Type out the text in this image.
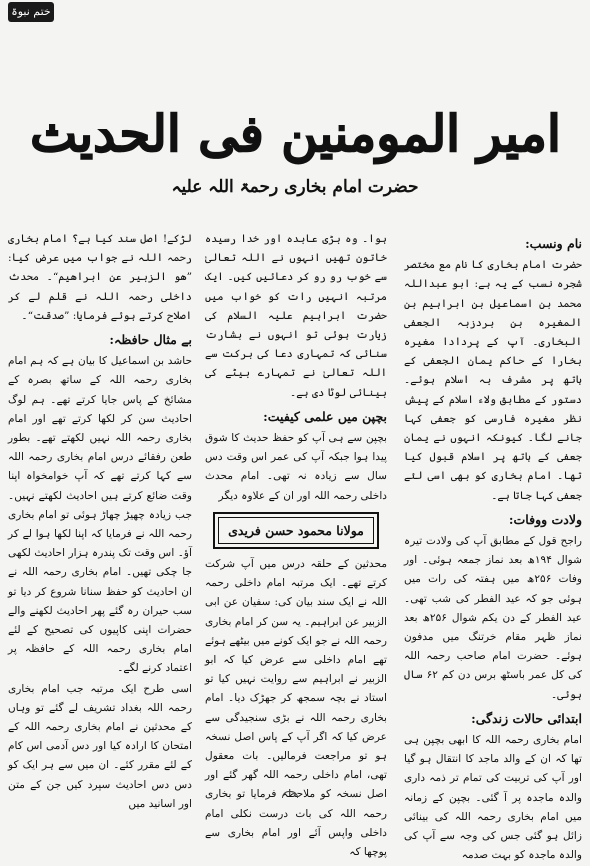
ختم نبوۃ
امیر المومنین فی الحدیث
حضرت امام بخاری رحمۃ اللہ علیہ
نام ونسب:

حضرت امام بخاری کا نام مع مختصر شجرہ نسب کے یہ ہے: ابو عبداللہ محمد بن اسماعیل بن ابراہیم بن المغیرہ بن بردزبہ الجعفی البخاری۔ آپ کے پردادا مغیرہ بخارا کے حاکم یمان الجعفی کے ہاتھ پر مشرف بہ اسلام ہوئے۔ دستور کے مطابق ولاء اسلام کے پیش نظر مغیرہ فارسی کو جعفی کہا جانے لگا۔ کیونکہ انہوں نے یمان جعفی کے ہاتھ پر اسلام قبول کیا تھا۔ امام بخاری کو بھی اسی لئے جعفی کہا جاتا ہے۔

ولادت ووفات:

راجح قول کے مطابق آپ کی ولادت تیرہ شوال ۱۹۴ھ بعد نماز جمعہ ہوئی۔ اور وفات ۲۵۶ھ میں ہفتہ کی رات میں ہوئی جو کہ عید الفطر کی شب تھی۔ عید الفطر کے دن یکم شوال ۲۵۶ھ بعد نماز ظہر مقام خرتنگ میں مدفون ہوئے۔ حضرت امام صاحب رحمہ اللہ کی کل عمر باسٹھ برس دن کم ۶۲ سال ہوئی۔

ابتدائی حالات زندگی:

امام بخاری رحمہ اللہ کا ابھی بچپن ہی تھا کہ ان کے والد ماجد کا انتقال ہو گیا اور آپ کی تربیت کی تمام تر ذمہ داری والدہ ماجدہ پر آ گئی۔ بچپن کے زمانہ میں امام بخاری رحمہ اللہ کی بینائی زائل ہو گئی جس کی وجہ سے آپ کی والدہ ماجدہ کو بہت صدمہ

ہوا۔ وہ بڑی عابدہ اور خدا رسیدہ خاتون تھیں انہوں نے اللہ تعالیٰ سے خوب رو رو کر دعائیں کیں۔ ایک مرتبہ انہیں رات کو خواب میں حضرت ابراہیم علیہ السلام کی زیارت ہوئی تو انہوں نے بشارت سنائی کہ تمہاری دعا کی برکت سے اللہ تعالیٰ نے تمہارے بیٹے کی بینائی لوٹا دی ہے۔

بچپن میں علمی کیفیت:

بچپن سے ہی آپ کو حفظ حدیث کا شوق پیدا ہوا جبکہ آپ کی عمر اس وقت دس سال سے زیادہ نہ تھی۔ امام محدث داخلی رحمہ اللہ اور ان کے علاوہ دیگر

مولانا محمود حسن فریدی

محدثین کے حلقہ درس میں آپ شرکت کرتے تھے۔ ایک مرتبہ امام داخلی رحمہ اللہ نے ایک سند بیان کی: سفیان عن ابی الزبیر عن ابراہیم۔ یہ سن کر امام بخاری رحمہ اللہ نے جو ایک کونے میں بیٹھے ہوئے تھے امام داخلی سے عرض کیا کہ ابو الزبیر نے ابراہیم سے روایت نہیں کیا تو استاد نے بچہ سمجھ کر جھڑک دیا۔ امام بخاری رحمہ اللہ نے بڑی سنجیدگی سے عرض کیا کہ اگر آپ کے پاس اصل نسخہ ہو تو مراجعت فرمالیں۔ بات معقول تھی، امام داخلی رحمہ اللہ گھر گئے اور اصل نسخہ کو ملاحظہ فرمایا تو بخاری رحمہ اللہ کی بات درست نکلی امام داخلی واپس آئے اور امام بخاری سے پوچھا کہ

لڑکے! اصل سند کیا ہے؟ امام بخاری رحمہ اللہ نے جواب میں عرض کیا: ”ھو الزبیر عن ابراھیم“۔ محدث داخلی رحمہ اللہ نے قلم لے کر اصلاح کرتے ہوئے فرمایا: ”صدقت“۔

بے مثال حافظہ:

حاشد بن اسماعیل کا بیان ہے کہ ہم امام بخاری رحمہ اللہ کے ساتھ بصرہ کے مشائخ کے پاس جایا کرتے تھے۔ ہم لوگ احادیث سن کر لکھا کرتے تھے اور امام بخاری رحمہ اللہ نہیں لکھتے تھے۔ بطور طعن رفقائے درس امام بخاری رحمہ اللہ سے کہا کرتے تھے کہ آپ خوامخواہ اپنا وقت ضائع کرتے ہیں احادیث لکھتے نہیں۔ جب زیادہ چھیڑ چھاڑ ہوئی تو امام بخاری رحمہ اللہ نے فرمایا کہ اپنا لکھا ہوا لے کر آؤ۔ اس وقت تک پندرہ ہزار احادیث لکھی جا چکی تھیں۔ امام بخاری رحمہ اللہ نے ان احادیث کو حفظ سنانا شروع کر دیا تو سب حیران رہ گئے پھر احادیث لکھنے والے حضرات اپنی کاپیوں کی تصحیح کے لئے امام بخاری رحمہ اللہ کے حافظہ پر اعتماد کرنے لگے۔

اسی طرح ایک مرتبہ جب امام بخاری رحمہ اللہ بغداد تشریف لے گئے تو وہاں کے محدثین نے امام بخاری رحمہ اللہ کے امتحان کا ارادہ کیا اور دس آدمی اس کام کے لئے مقرر کئے۔ ان میں سے ہر ایک کو دس دس احادیث سپرد کیں جن کے متن اور اسانید میں
